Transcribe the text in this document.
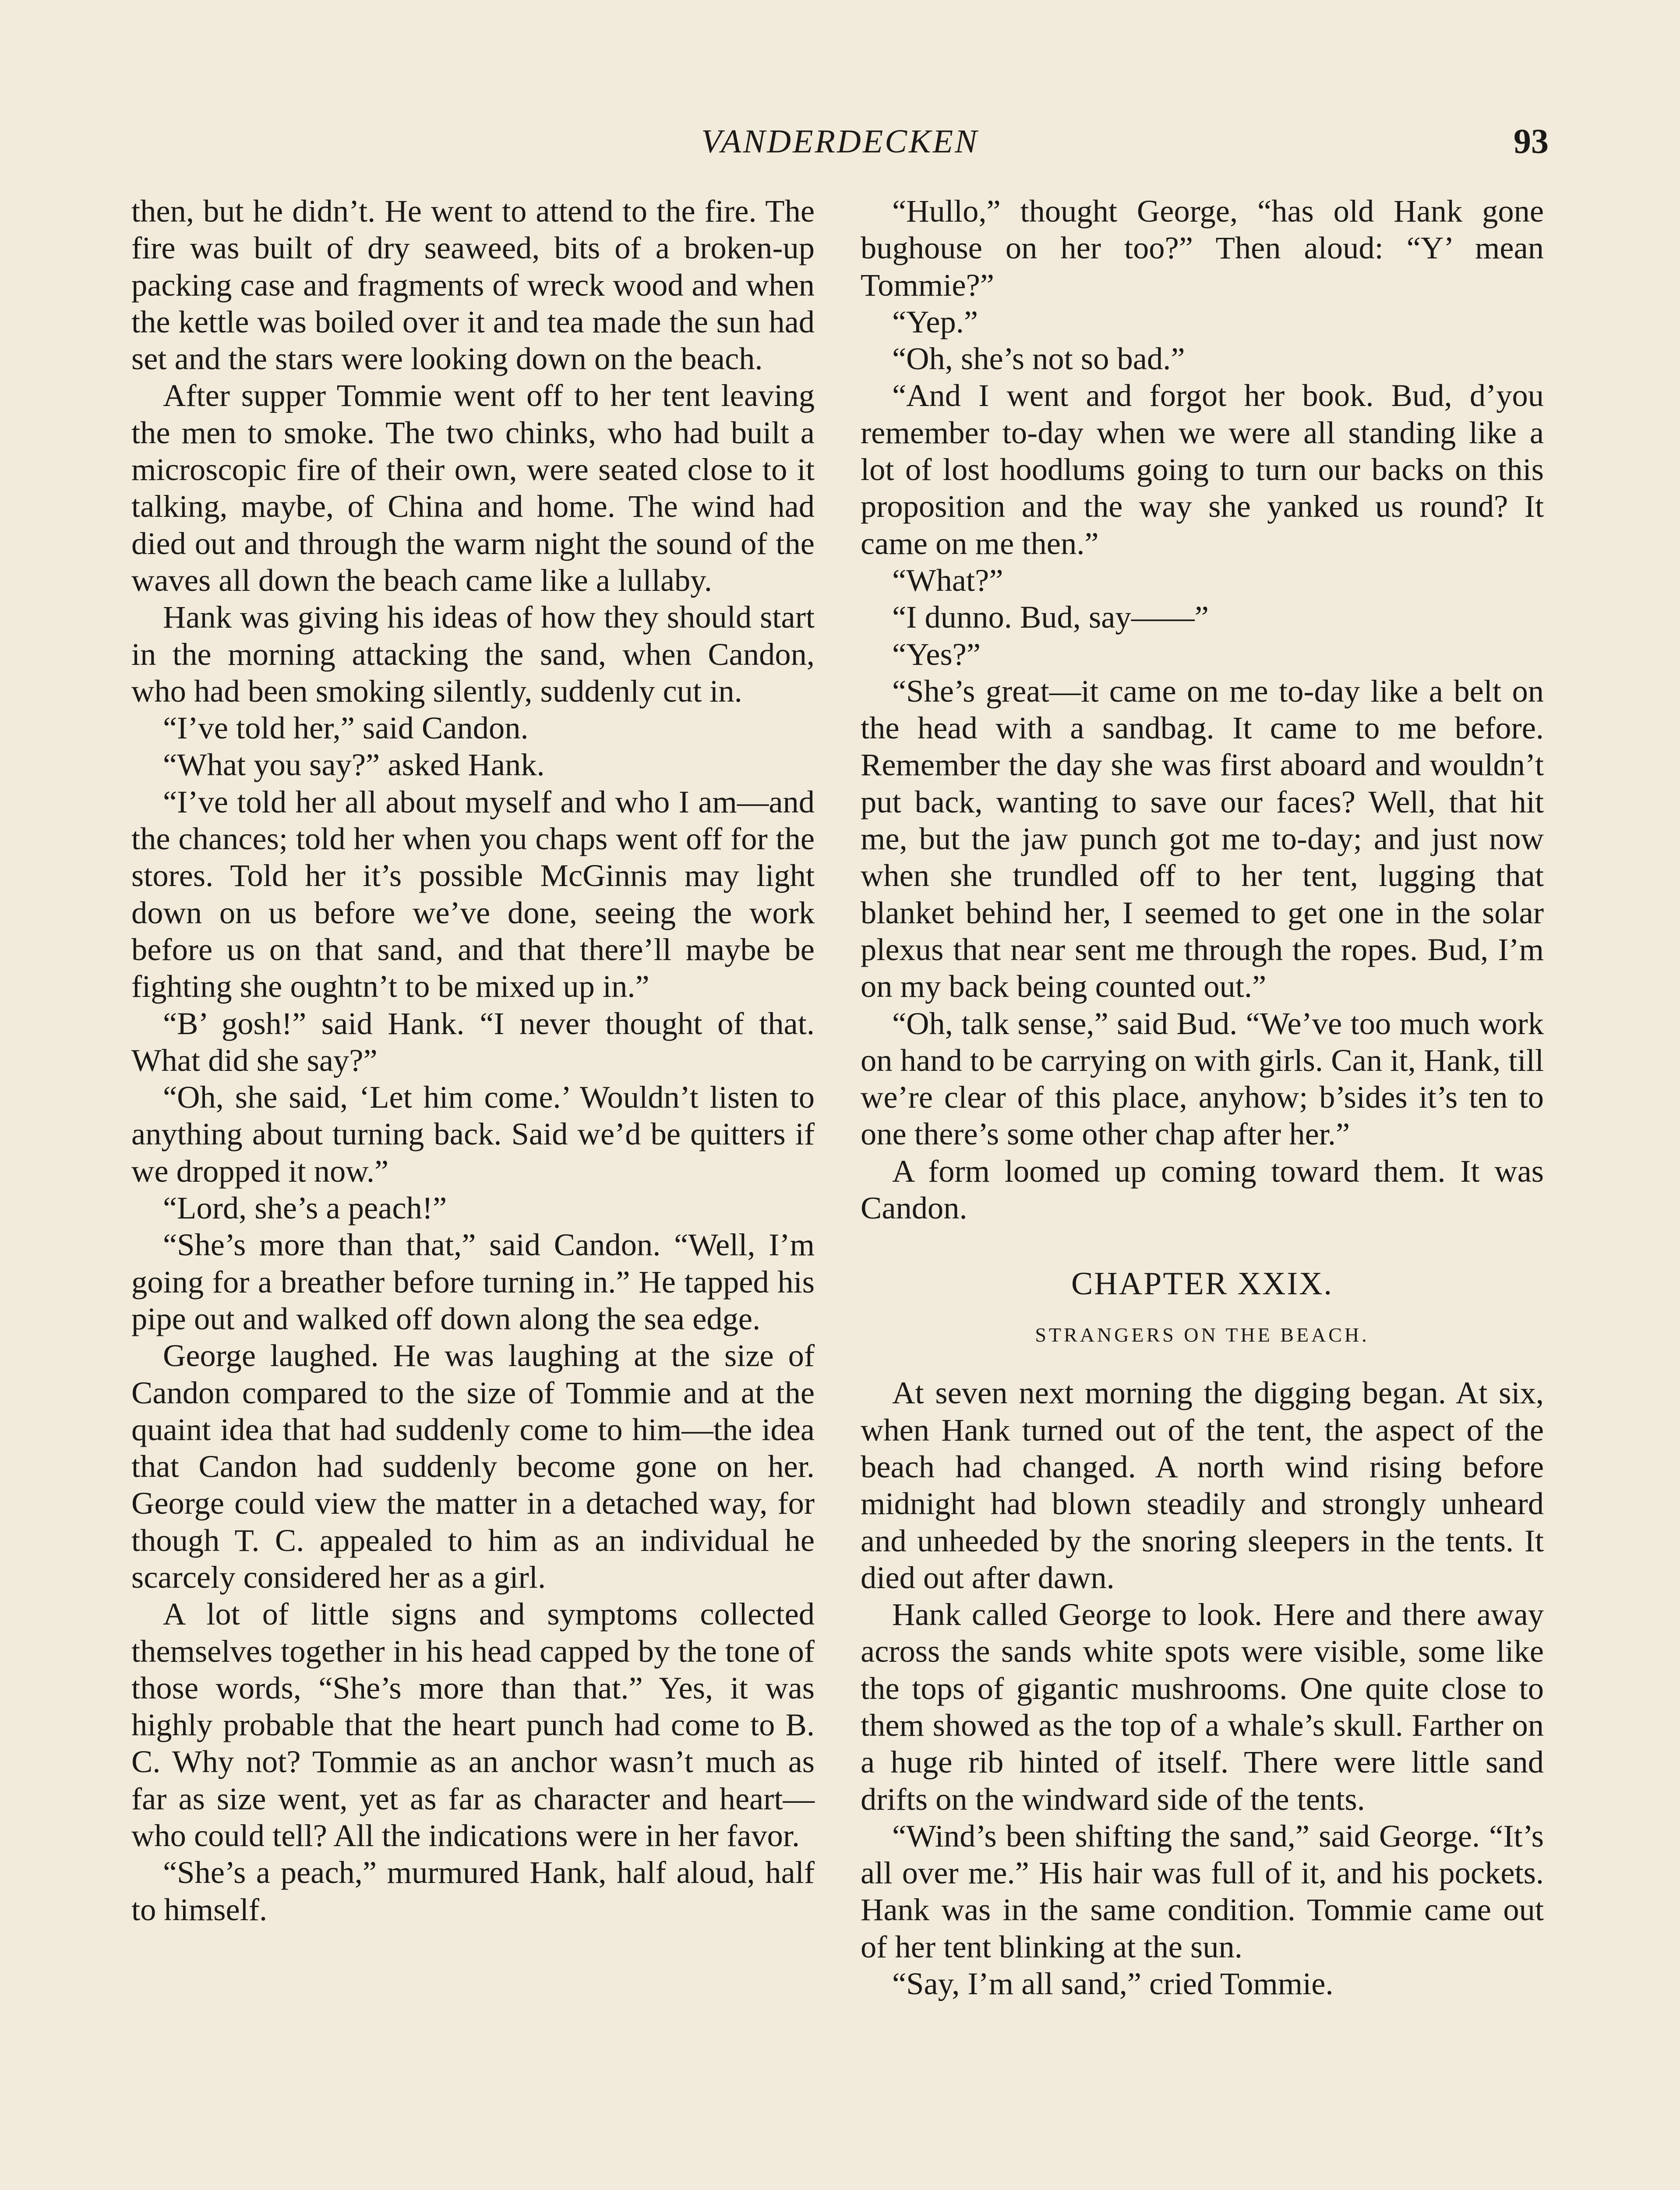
VANDERDECKEN	93

then, but he didn’t. He went to attend to the fire. The fire was built of dry seaweed, bits of a broken-up packing case and fragments of wreck wood and when the kettle was boiled over it and tea made the sun had set and the stars were looking down on the beach.

After supper Tommie went off to her tent leaving the men to smoke. The two chinks, who had built a microscopic fire of their own, were seated close to it talking, maybe, of China and home. The wind had died out and through the warm night the sound of the waves all down the beach came like a lullaby.

Hank was giving his ideas of how they should start in the morning attacking the sand, when Candon, who had been smoking silently, suddenly cut in.

“I’ve told her,” said Candon.

“What you say?” asked Hank.

“I’ve told her all about myself and who I am—and the chances; told her when you chaps went off for the stores. Told her it’s possible McGinnis may light down on us before we’ve done, seeing the work before us on that sand, and that there’ll maybe be fighting she oughtn’t to be mixed up in.”

“B’ gosh!” said Hank. “I never thought of that. What did she say?”

“Oh, she said, ‘Let him come.’ Wouldn’t listen to anything about turning back. Said we’d be quitters if we dropped it now.”

“Lord, she’s a peach!”

“She’s more than that,” said Candon. “Well, I’m going for a breather before turning in.” He tapped his pipe out and walked off down along the sea edge.

George laughed. He was laughing at the size of Candon compared to the size of Tommie and at the quaint idea that had suddenly come to him—the idea that Candon had suddenly become gone on her. George could view the matter in a detached way, for though T. C. appealed to him as an individual he scarcely considered her as a girl.

A lot of little signs and symptoms collected themselves together in his head capped by the tone of those words, “She’s more than that.” Yes, it was highly probable that the heart punch had come to B. C. Why not? Tommie as an anchor wasn’t much as far as size went, yet as far as character and heart—who could tell? All the indications were in her favor.

“She’s a peach,” murmured Hank, half aloud, half to himself.

“Hullo,” thought George, “has old Hank gone bughouse on her too?” Then aloud: “Y’ mean Tommie?”

“Yep.”

“Oh, she’s not so bad.”

“And I went and forgot her book. Bud, d’you remember to-day when we were all standing like a lot of lost hoodlums going to turn our backs on this proposition and the way she yanked us round? It came on me then.”

“What?”

“I dunno. Bud, say——”

“Yes?”

“She’s great—it came on me to-day like a belt on the head with a sandbag. It came to me before. Remember the day she was first aboard and wouldn’t put back, wanting to save our faces? Well, that hit me, but the jaw punch got me to-day; and just now when she trundled off to her tent, lugging that blanket behind her, I seemed to get one in the solar plexus that near sent me through the ropes. Bud, I’m on my back being counted out.”

“Oh, talk sense,” said Bud. “We’ve too much work on hand to be carrying on with girls. Can it, Hank, till we’re clear of this place, anyhow; b’sides it’s ten to one there’s some other chap after her.”

A form loomed up coming toward them. It was Candon.

CHAPTER XXIX.
STRANGERS ON THE BEACH.

At seven next morning the digging began. At six, when Hank turned out of the tent, the aspect of the beach had changed. A north wind rising before midnight had blown steadily and strongly unheard and unheeded by the snoring sleepers in the tents. It died out after dawn.

Hank called George to look. Here and there away across the sands white spots were visible, some like the tops of gigantic mushrooms. One quite close to them showed as the top of a whale’s skull. Farther on a huge rib hinted of itself. There were little sand drifts on the windward side of the tents.

“Wind’s been shifting the sand,” said George. “It’s all over me.” His hair was full of it, and his pockets. Hank was in the same condition. Tommie came out of her tent blinking at the sun.

“Say, I’m all sand,” cried Tommie.
